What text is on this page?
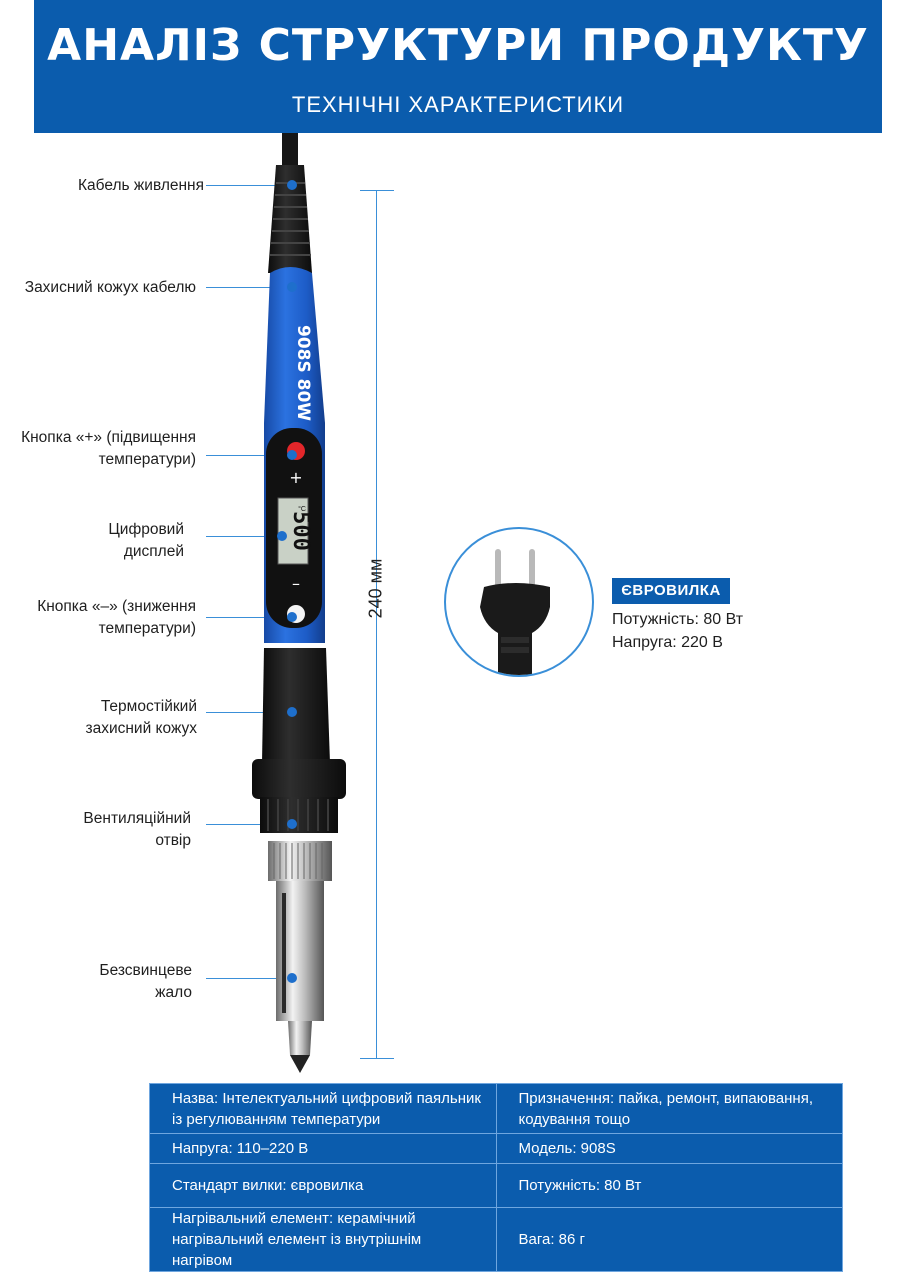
АНАЛІЗ СТРУКТУРИ ПРОДУКТУ
ТЕХНІЧНІ ХАРАКТЕРИСТИКИ
Кабель живлення
Захисний кожух кабелю
Кнопка «+» (підвищення температури)
Цифровий дисплей
Кнопка «–» (зниження температури)
Термостійкий захисний кожух
Вентиляційний отвір
Безсвинцеве жало
908S 80W
+
500
°C
–	240 мм	ЄВРОВИЛКА
Потужність: 80 Вт
Напруга: 220 В
Назва: Інтелектуальний цифровий паяльник із регулюванням температури	Призначення: пайка, ремонт, випаювання, кодування тощо
Напруга: 110–220 В	Модель: 908S
Стандарт вилки: євровилка	Потужність: 80 Вт
Нагрівальний елемент: керамічний нагрівальний елемент із внутрішнім нагрівом	Вага: 86 г
